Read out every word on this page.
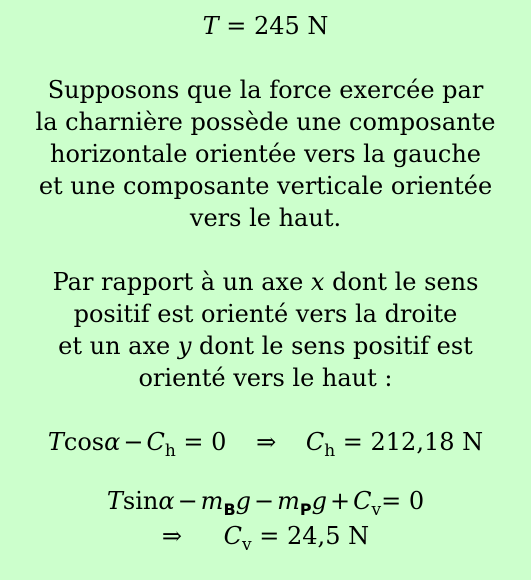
T = 245 N
Supposons que la force exercée par
la charnière possède une composante
horizontale orientée vers la gauche
et une composante verticale orientée
vers le haut.
Par rapport à un axe x dont le sens
positif est orienté vers la droite
et un axe y dont le sens positif est
orienté vers le haut :
$Tcos\alpha - C_h = 0$ ⇒ $C_h = 212,18$ N
$Tsin\alpha - m_Bg - m_Pg + C_v= 0$
⇒ $C_v = 24,5$ N
